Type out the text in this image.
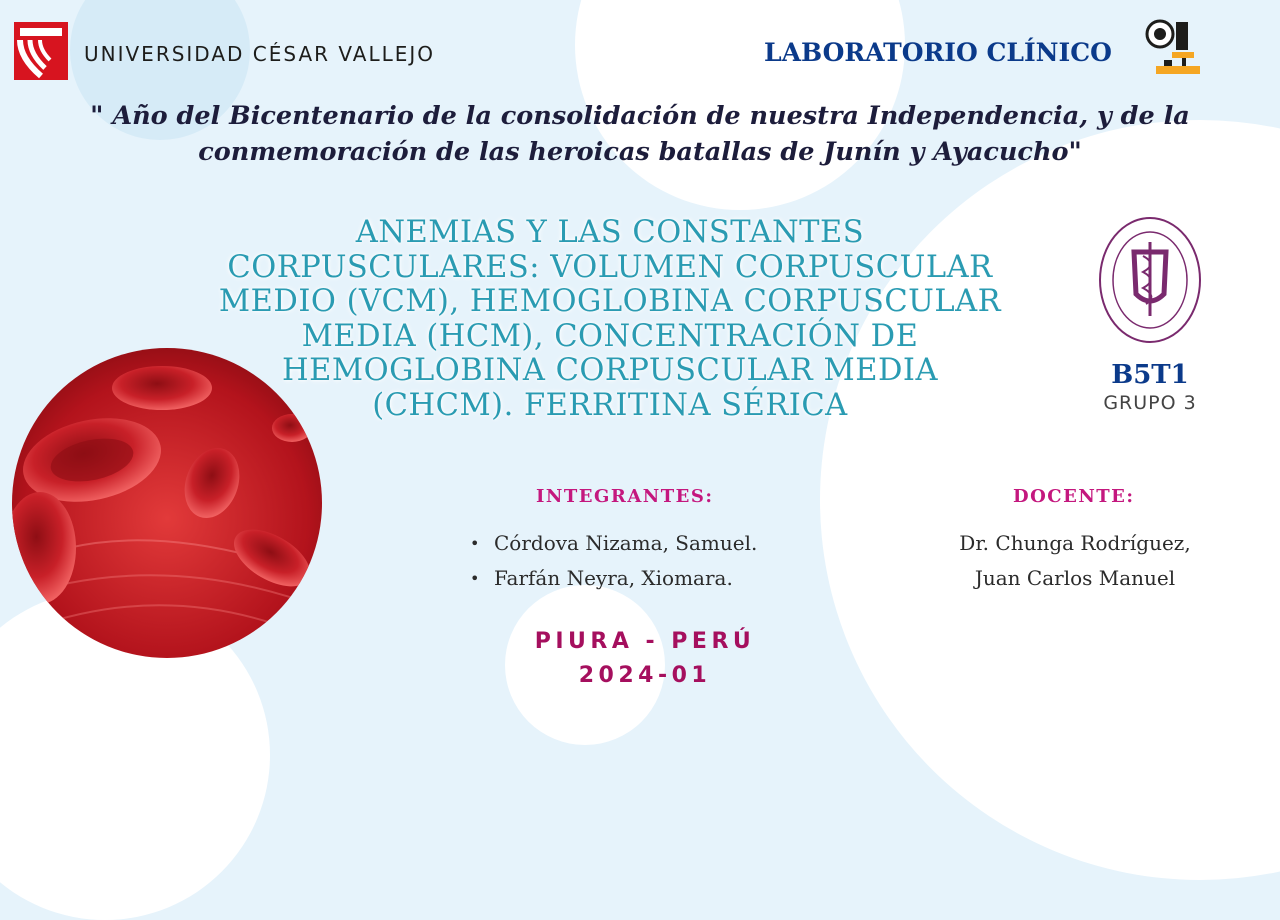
UNIVERSIDAD CÉSAR VALLEJO	LABORATORIO CLÍNICO
" Año del Bicentenario de la consolidación de nuestra Independencia, y de la
conmemoración de las heroicas batallas de Junín y Ayacucho"
ANEMIAS Y LAS CONSTANTES
CORPUSCULARES: VOLUMEN CORPUSCULAR
MEDIO (VCM), HEMOGLOBINA CORPUSCULAR
MEDIA (HCM), CONCENTRACIÓN DE
HEMOGLOBINA CORPUSCULAR MEDIA
(CHCM). FERRITINA SÉRICA
B5T1
GRUPO 3
INTEGRANTES:
• Córdova Nizama, Samuel.
• Farfán Neyra, Xiomara.
DOCENTE:
Dr. Chunga Rodríguez,
Juan Carlos Manuel
PIURA - PERÚ
2024-01
